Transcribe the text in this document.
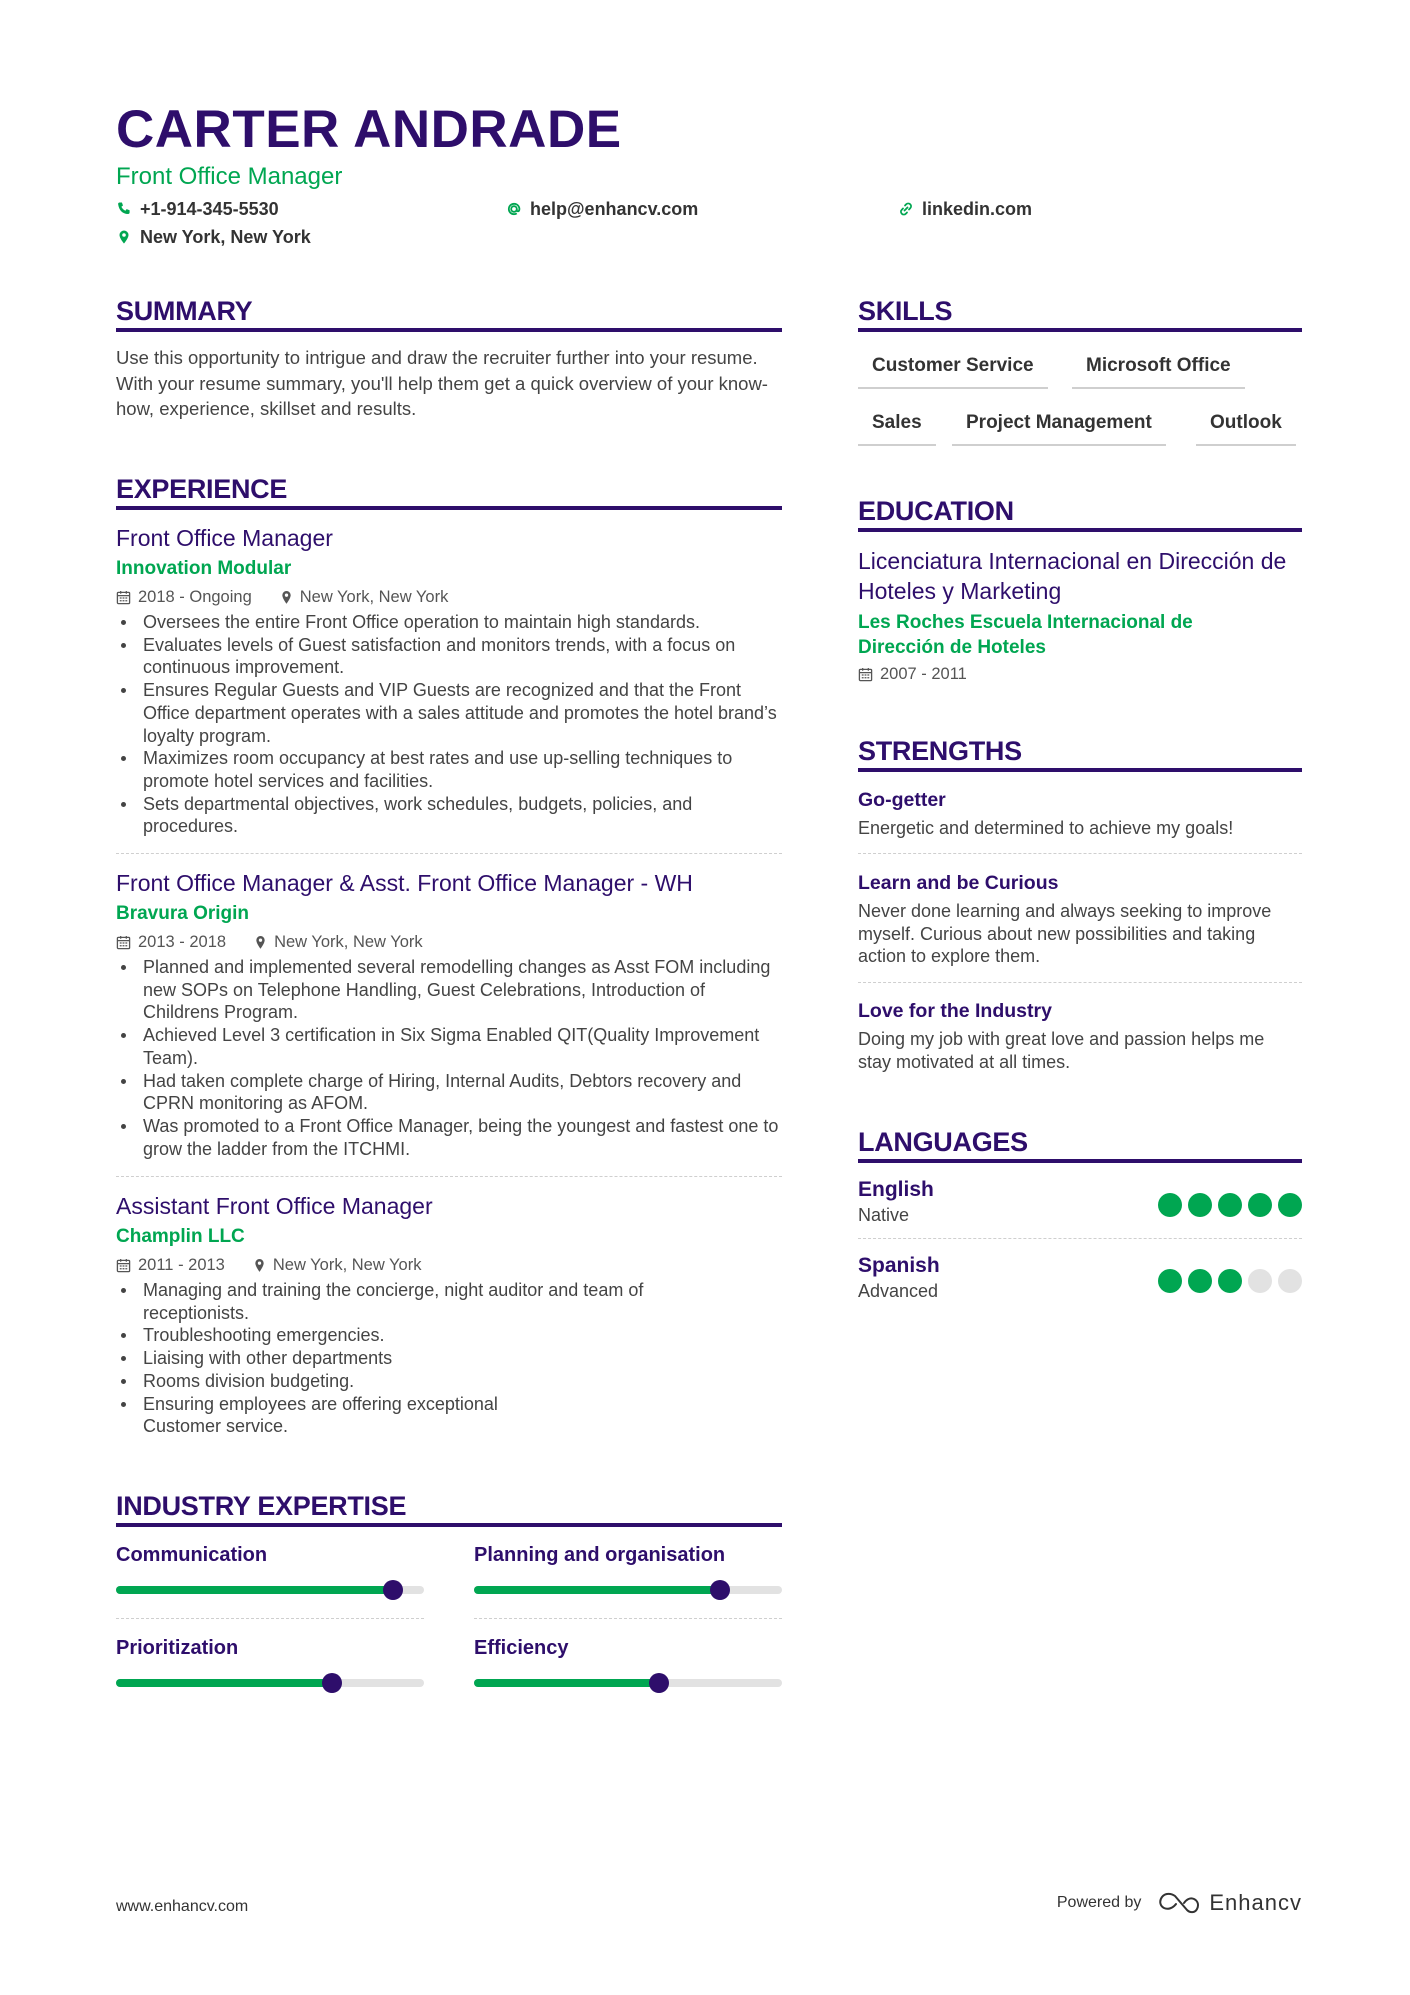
CARTER ANDRADE
Front Office Manager
+1-914-345-5530	help@enhancv.com	linkedin.com
New York, New York
SUMMARY
Use this opportunity to intrigue and draw the recruiter further into your resume. With your resume summary, you'll help them get a quick overview of your know-how, experience, skillset and results.
EXPERIENCE
Front Office Manager
Innovation Modular
2018 - Ongoing	New York, New York
Oversees the entire Front Office operation to maintain high standards.
Evaluates levels of Guest satisfaction and monitors trends, with a focus on continuous improvement.
Ensures Regular Guests and VIP Guests are recognized and that the Front Office department operates with a sales attitude and promotes the hotel brand’s loyalty program.
Maximizes room occupancy at best rates and use up-selling techniques to promote hotel services and facilities.
Sets departmental objectives, work schedules, budgets, policies, and procedures.
Front Office Manager & Asst. Front Office Manager - WH
Bravura Origin
2013 - 2018	New York, New York
Planned and implemented several remodelling changes as Asst FOM including new SOPs on Telephone Handling, Guest Celebrations, Introduction of Childrens Program.
Achieved Level 3 certification in Six Sigma Enabled QIT(Quality Improvement Team).
Had taken complete charge of Hiring, Internal Audits, Debtors recovery and CPRN monitoring as AFOM.
Was promoted to a Front Office Manager, being the youngest and fastest one to grow the ladder from the ITCHMI.
Assistant Front Office Manager
Champlin LLC
2011 - 2013	New York, New York
Managing and training the concierge, night auditor and team of receptionists.
Troubleshooting emergencies.
Liaising with other departments
Rooms division budgeting.
Ensuring employees are offering exceptional Customer service.
INDUSTRY EXPERTISE
Communication	Planning and organisation
Prioritization	Efficiency
SKILLS
Customer Service	Microsoft Office
Sales	Project Management	Outlook
EDUCATION
Licenciatura Internacional en Dirección de Hoteles y Marketing
Les Roches Escuela Internacional de Dirección de Hoteles
2007 - 2011
STRENGTHS
Go-getter
Energetic and determined to achieve my goals!
Learn and be Curious
Never done learning and always seeking to improve myself. Curious about new possibilities and taking action to explore them.
Love for the Industry
Doing my job with great love and passion helps me stay motivated at all times.
LANGUAGES
English
Native
Spanish
Advanced
www.enhancv.com	Powered by	Enhancv
